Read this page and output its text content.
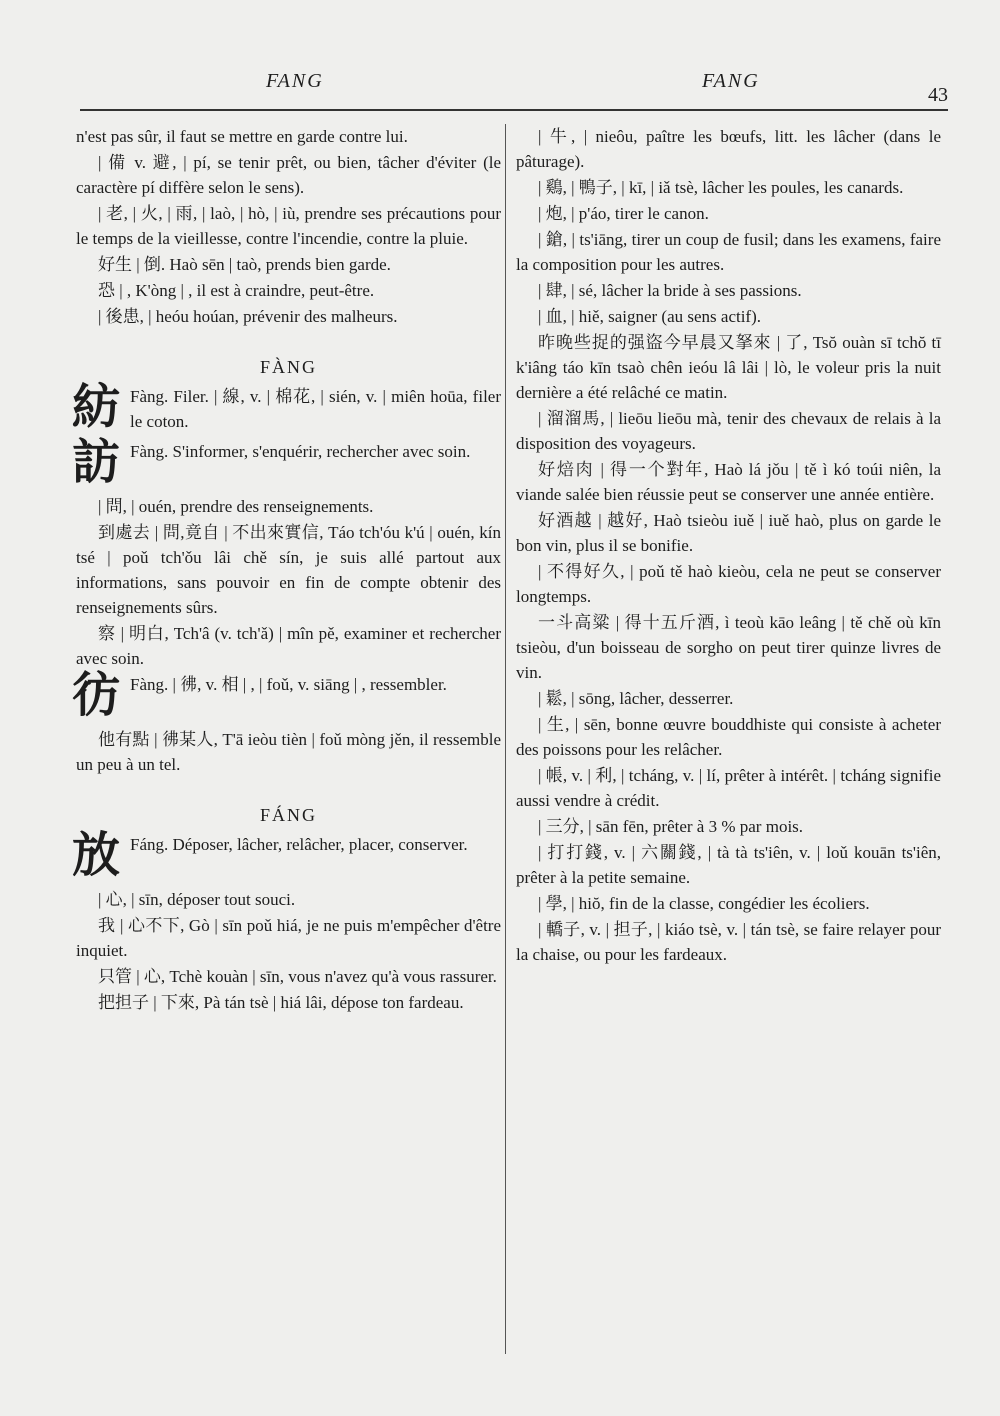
FANG	FANG
43

n'est pas sûr, il faut se mettre en garde contre lui.

| 備 v. 避, | pí, se tenir prêt, ou bien, tâcher d'éviter (le caractère pí diffère selon le sens).

| 老, | 火, | 雨, | laò, | hò, | iù, prendre ses précautions pour le temps de la vieillesse, contre l'incendie, contre la pluie.

好生 | 倒. Haò sēn | taò, prends bien garde.

恐 | , K'òng | , il est à craindre, peut-être.

| 後患, | heóu hoúan, prévenir des malheurs.

FÀNG

紡 Fàng. Filer. | 線, v. | 棉花, | sién, v. | miên hoūa, filer le coton.

訪 Fàng. S'informer, s'enquérir, rechercher avec soin.

| 問, | ouén, prendre des renseignements.

到處去 | 問,竟自 | 不出來實信, Táo tch'óu k'ú | ouén, kín tsé | poǔ tch'ǒu lâi chě sín, je suis allé partout aux informations, sans pouvoir en fin de compte obtenir des renseignements sûrs.

察 | 明白, Tch'â (v. tch'ǎ) | mîn pě, examiner et rechercher avec soin.

彷 Fàng. | 彿, v. 相 | , | foǔ, v. siāng | , ressembler.

他有點 | 彿某人, T'ā ieòu tièn | foǔ mòng jěn, il ressemble un peu à un tel.

FÁNG

放 Fáng. Déposer, lâcher, relâcher, placer, conserver.

| 心, | sīn, déposer tout souci.

我 | 心不下, Gò | sīn poǔ hiá, je ne puis m'empêcher d'être inquiet.

只管 | 心, Tchè kouàn | sīn, vous n'avez qu'à vous rassurer.

把担子 | 下來, Pà tán tsè | hiá lâi, dépose ton fardeau.

| 牛, | nieôu, paître les bœufs, litt. les lâcher (dans le pâturage).

| 鷄, | 鴨子, | kī, | iǎ tsè, lâcher les poules, les canards.

| 炮, | p'áo, tirer le canon.

| 鎗, | ts'iāng, tirer un coup de fusil; dans les examens, faire la composition pour les autres.

| 肆, | sé, lâcher la bride à ses passions.

| 血, | hiě, saigner (au sens actif).

昨晚些捉的强盜今早晨又拏來 | 了, Tsŏ ouàn sī tchŏ tī k'iâng táo kīn tsaò chên ieóu lâ lâi | lò, le voleur pris la nuit dernière a été relâché ce matin.

| 溜溜馬, | lieōu lieōu mà, tenir des chevaux de relais à la disposition des voyageurs.

好焙肉 | 得一个對年, Haò lá jǒu | tě ì kó toúi niên, la viande salée bien réussie peut se conserver une année entière.

好酒越 | 越好, Haò tsieòu iuě | iuě haò, plus on garde le bon vin, plus il se bonifie.

| 不得好久, | poǔ tě haò kieòu, cela ne peut se conserver longtemps.

一斗高粱 | 得十五斤酒, ì teoù kāo leâng | tě chě où kīn tsieòu, d'un boisseau de sorgho on peut tirer quinze livres de vin.

| 鬆, | sōng, lâcher, desserrer.

| 生, | sēn, bonne œuvre bouddhiste qui consiste à acheter des poissons pour les relâcher.

| 帳, v. | 利, | tcháng, v. | lí, prêter à intérêt. | tcháng signifie aussi vendre à crédit.

| 三分, | sān fēn, prêter à 3 % par mois.

| 打打錢, v. | 六關錢, | tà tà ts'iên, v. | loǔ kouān ts'iên, prêter à la petite semaine.

| 學, | hiŏ, fin de la classe, congédier les écoliers.

| 轎子, v. | 担子, | kiáo tsè, v. | tán tsè, se faire relayer pour la chaise, ou pour les fardeaux.
